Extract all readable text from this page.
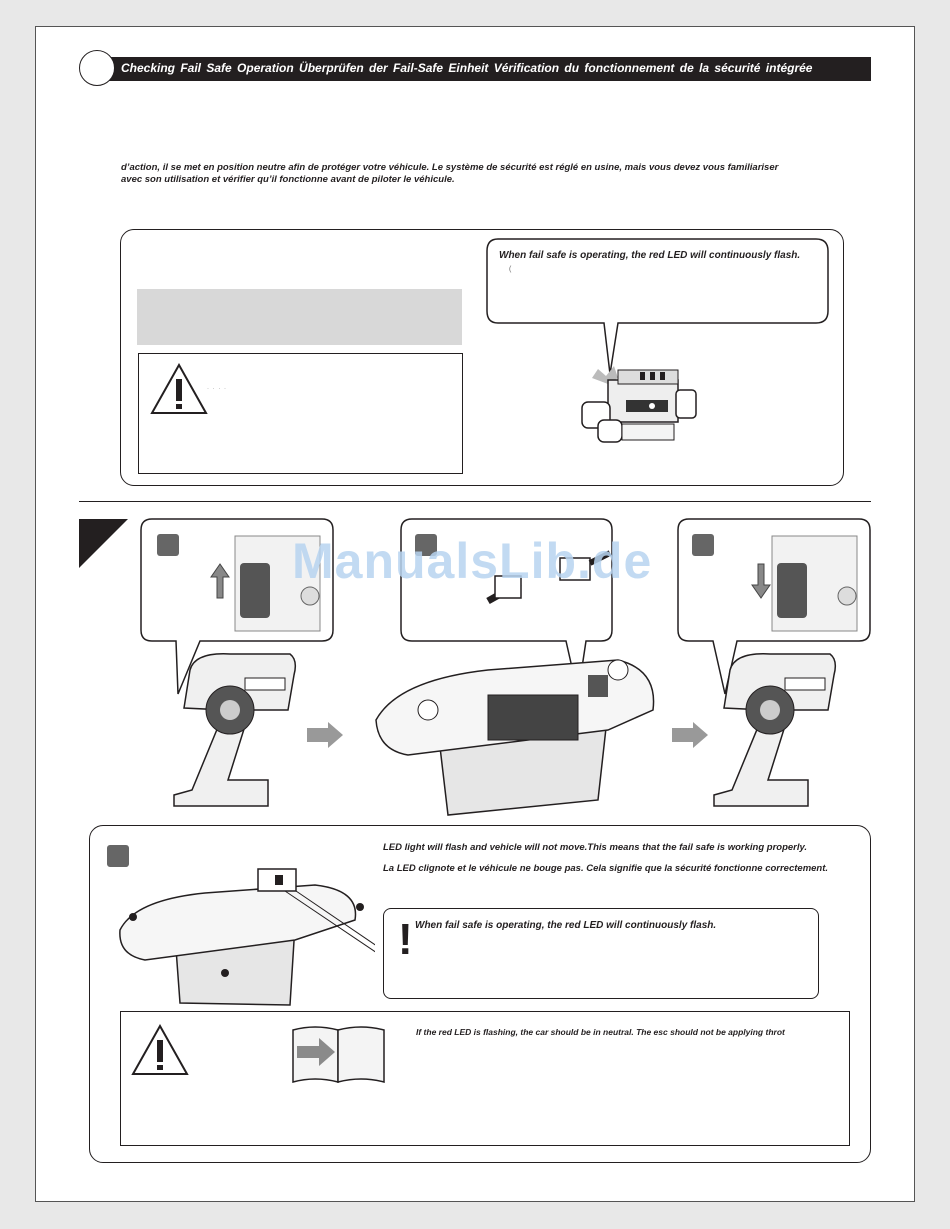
Checking Fail Safe Operation Überprüfen der Fail-Safe Einheit Vérification du fonctionnement de la sécurité intégrée
d’action, il se met en position neutre afin de protéger votre véhicule. Le système de sécurité est réglé en usine, mais vous devez vous familiariser
avec son utilisation et vérifier qu’il fonctionne avant de piloter le véhicule.
· · · ·
When fail safe is operating, the red LED will continuously flash.
(
ManualsLib.de
LED light will flash and vehicle will not move.This means that the fail safe is working properly.
La LED clignote et le véhicule ne bouge pas. Cela signifie que la sécurité fonctionne correctement.
! When fail safe is operating, the red LED will continuously flash.
If the red LED is flashing, the car should be in neutral. The esc should not be applying throt
